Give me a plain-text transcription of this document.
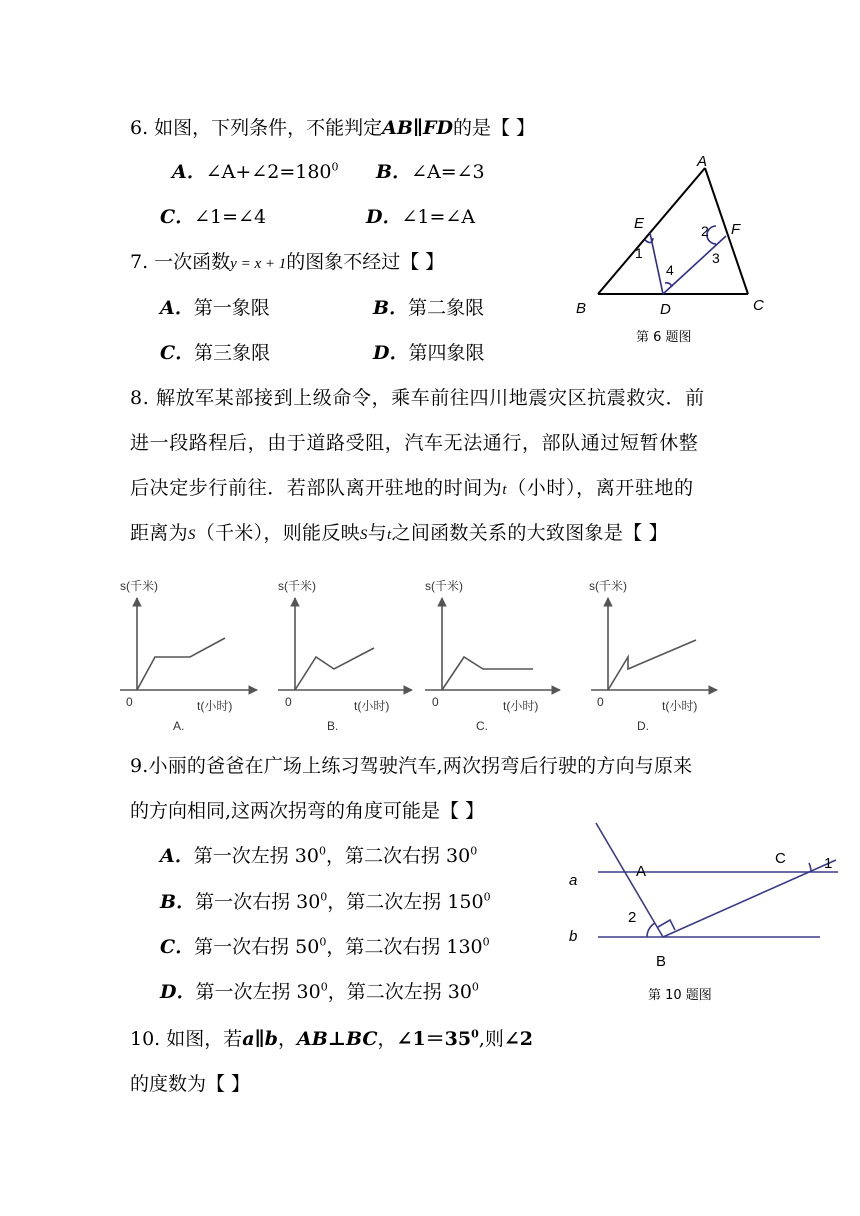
6. 如图，下列条件，不能判定AB∥FD的是【 】
A．$\angle A+\angle 2=180^0$ B．∠A=∠3
C．∠1=∠4	D．∠1=∠A
A
E	F
B	D	C
1
2
3
4
第 6 题图
7. 一次函数y = x + 1的图象不经过【 】
A．第一象限	B．第二象限
C．第三象限	D．第四象限
8. 解放军某部接到上级命令，乘车前往四川地震灾区抗震救灾．前
进一段路程后，由于道路受阻，汽车无法通行，部队通过短暂休整
后决定步行前往．若部队离开驻地的时间为t（小时），离开驻地的
距离为S（千米），则能反映S与t之间函数关系的大致图象是【 】
s(千米)
0	t(小时)
A.
s(千米)
0	t(小时)
B.
s(千米)
0	t(小时)
C.
s(千米)
0	t(小时)
D.
9.小丽的爸爸在广场上练习驾驶汽车,两次拐弯后行驶的方向与原来
的方向相同,这两次拐弯的角度可能是【 】
A．第一次左拐 $30^0$，第二次右拐 $30^0$
B．第一次右拐 $30^0$，第二次左拐 $150^0$
C．第一次右拐 $50^0$，第二次右拐 $130^0$
D．第一次左拐 $30^0$，第二次左拐 $30^0$
a
b
A
B
C	1
2
第 10 题图
10. 如图，若a∥b，AB⊥BC，$\angle 1=35^0$,则∠2
的度数为【 】
